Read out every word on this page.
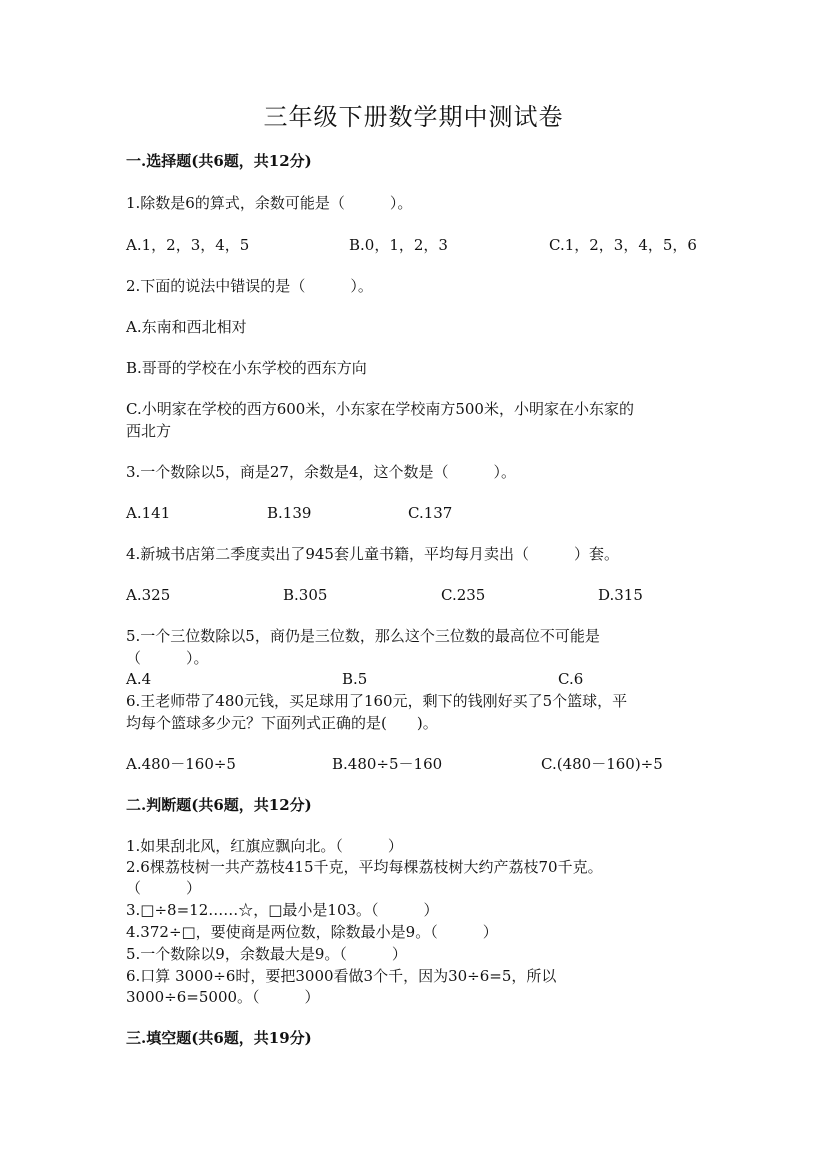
三年级下册数学期中测试卷
一.选择题(共6题，共12分)
1.除数是6的算式，余数可能是（　　　）。
A.1，2，3，4，5	B.0，1，2，3	C.1，2，3，4，5，6
2.下面的说法中错误的是（　　　）。
A.东南和西北相对
B.哥哥的学校在小东学校的西东方向
C.小明家在学校的西方600米，小东家在学校南方500米，小明家在小东家的
西北方
3.一个数除以5，商是27，余数是4，这个数是（　　　）。
A.141	B.139	C.137
4.新城书店第二季度卖出了945套儿童书籍，平均每月卖出（　　　）套。
A.325	B.305	C.235	D.315
5.一个三位数除以5，商仍是三位数，那么这个三位数的最高位不可能是
（　　　）。
A.4	B.5	C.6
6.王老师带了480元钱，买足球用了160元，剩下的钱刚好买了5个篮球，平
均每个篮球多少元？下面列式正确的是(　　)。
A.480－160÷5	B.480÷5－160	C.(480－160)÷5
二.判断题(共6题，共12分)
1.如果刮北风，红旗应飘向北。（　　　）
2.6棵荔枝树一共产荔枝415千克，平均每棵荔枝树大约产荔枝70千克。
（　　　）
3.□÷8=12……☆，□最小是103。（　　　）
4.372÷□，要使商是两位数，除数最小是9。（　　　）
5.一个数除以9，余数最大是9。（　　　）
6.口算 3000÷6时，要把3000看做3个千，因为30÷6=5，所以
3000÷6=5000。（　　　）
三.填空题(共6题，共19分)
